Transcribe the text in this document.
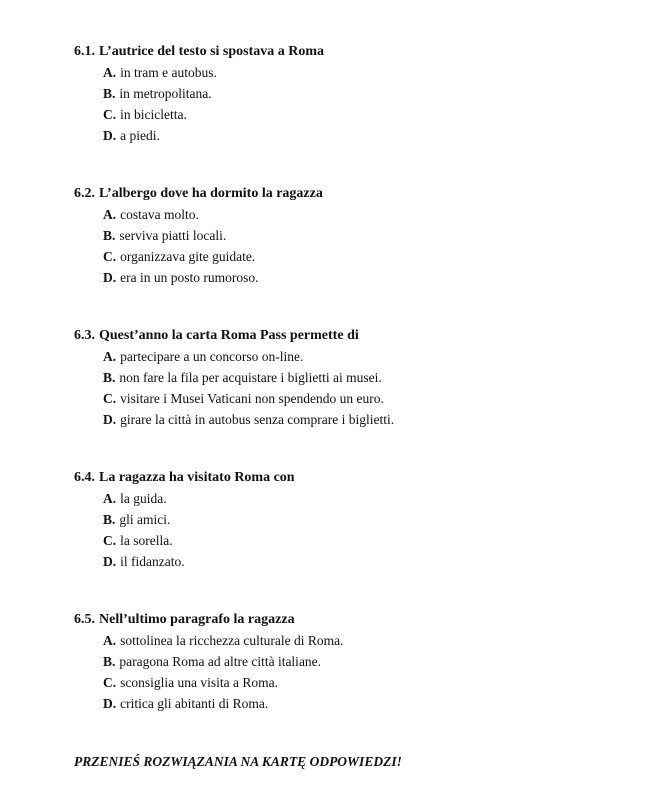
6.1. L’autrice del testo si spostava a Roma

A. in tram e autobus.
B. in metropolitana.
C. in bicicletta.
D. a piedi.

6.2. L’albergo dove ha dormito la ragazza

A. costava molto.
B. serviva piatti locali.
C. organizzava gite guidate.
D. era in un posto rumoroso.

6.3. Quest’anno la carta Roma Pass permette di

A. partecipare a un concorso on-line.
B. non fare la fila per acquistare i biglietti ai musei.
C. visitare i Musei Vaticani non spendendo un euro.
D. girare la città in autobus senza comprare i biglietti.

6.4. La ragazza ha visitato Roma con

A. la guida.
B. gli amici.
C. la sorella.
D. il fidanzato.

6.5. Nell’ultimo paragrafo la ragazza

A. sottolinea la ricchezza culturale di Roma.
B. paragona Roma ad altre città italiane.
C. sconsiglia una visita a Roma.
D. critica gli abitanti di Roma.
PRZENIEŚ ROZWIĄZANIA NA KARTĘ ODPOWIEDZI!
